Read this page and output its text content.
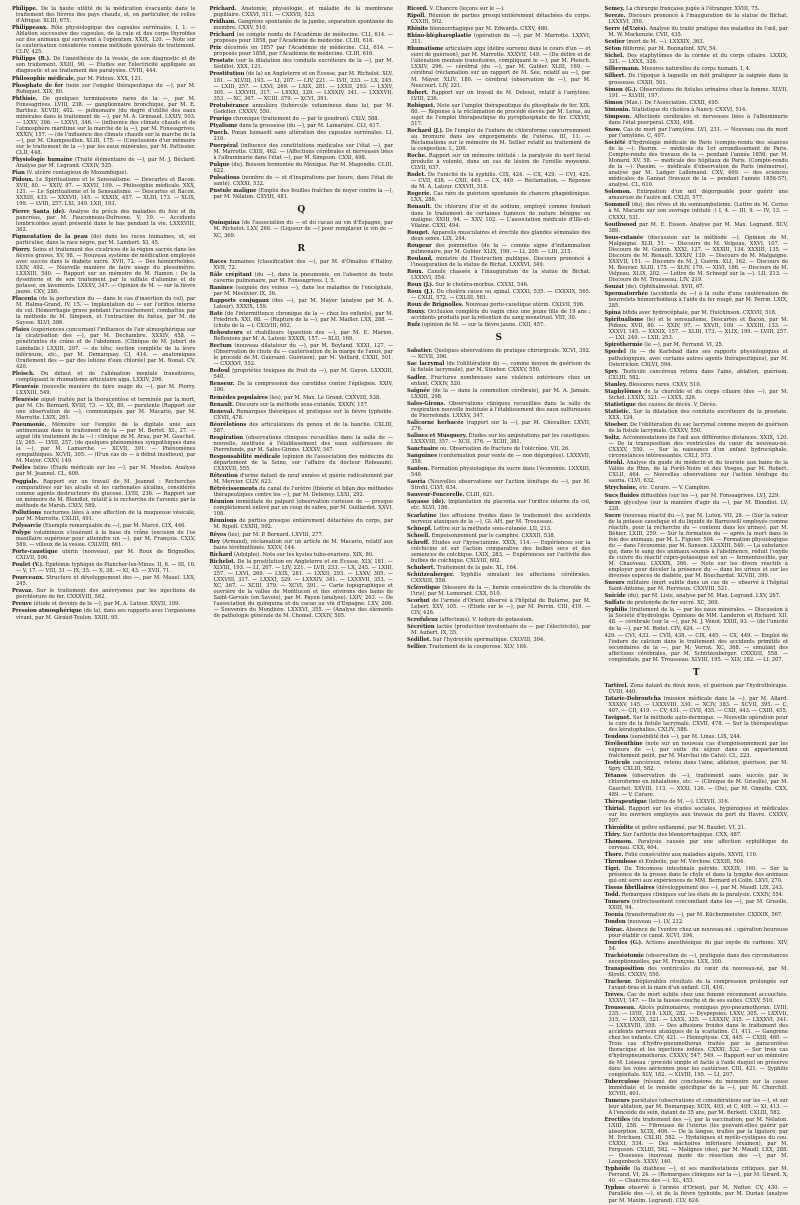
Philippe. De la haute utilité de la médication évacuante dans le traitement des fièvres des pays chauds, et, en particulier, de celles d'Afrique. XLIII, 675.

Philippeaux. Rôle physiologique des capsules surrénales. I, 1. — Ablation successive des capsules, de la rate et des corps thyroïdes sur des animaux qui survivent à l'opération. XXIX, 120. — Note sur la cautérisation considérée comme méthode générale de traitement. CLIV, 425.

Philipps (R.). De l'anesthésie de la vessie, de son diagnostic et de son traitement. XXIII, 90. — Études sur l'électricité appliquée au diagnostic et au traitement des paralysies. CVIII, 444.

Philosophie médicale, par M. Pidoux. XXX, 121.

Phosphate de fer (note sur l'emploi thérapeutique du —), par M. Robiquet. XIX, 80.

Phthisie. De quelques terminaisons rares de la —, par M. Fonssagrives. LVIII, 238. — ganglionnaire bronchique, par M. E. Barthez. XCVIII, 402. — pulmonaire (du degré d'utilité des eaux minérales dans le traitement de —), par M. A. Grimaud. LXXIV, 503. — LXXV, 306. — LXXVI, 346. — (influence des climats chauds et de l'atmosphère maritime sur la marche de la —), par M. Fonssagrives. XXXIV, 157. — (de l'influence des climats chauds sur la marche de la —), par M. Champouillon. XLIII, 175. — (Conclusions d'un mémoire sur le traitement de la —) par les eaux minérales, par M. Pattissier. CLII, 448.

Physiologie humaine (Traité élémentaire de —), par M. J. Béclard. Analyse par M. Legrand. CXXIV, 525.

Pian (V. ulcère contagieux de Mozambique).

Pidoux. Le Spiritualisme et le Sensualisme. — Descartes et Bacon. XVII, 80. — XXIV, 97. — XXVII, 109. — Philosophie médicale. XXX, 121. — Le Spiritualisme et le Sensualisme. — Descartes et Bacon. XXXIII, 433. — XXXVII, 145. — XXXIX, 457. — XLIII, 173. — XLIX, 199. — LVIII, 257. LXI, 349. LXII, 193.

Pierre Santa (de). Analyse du précis des maladies du foie et du pancréas, par M. Fauconneau-Dufresne. V, 19. — Accidents lombricoïdes ayant présenté dans le bas pendant la vie. LXXXVIII, 362.

Pigmentation de la peau (de) dans les races humaines, et, en particulier, dans la race nègre, par M. Lambert. XI, 45.

Piorry. Soins et traitement des cicatrices de la région sacrée dans les fièvres graves. XV, 98. — Nouveau système de médication employée avec succès dans le diabète sucré. XVII, 72. — Des hémorrhoïdes. LXIV, 492. — Nouvelle manière de faire usage du plessimètre. LXXXIII, 540. — Rapport sur un mémoire de M. Hamon : De la dysenterie et de son traitement par le sulfate d'alumine et de potasse, en lavements. LXXXV, 347. — Opinion de M. — sur la fièvre jaune. CXV, 288.

Placenta (de la perforation du — dans le cas d'insertion du col), par M. Halma-Grand. IV, 15. — Implantation du — sur l'orifice interne du col. Hémorrhagie grave pendant l'accouchement, combattue par la méthode de M. Simpson, et l'extraction du fœtus, par M. de Saysse. XLVI, 386.

Plaies (expériences concernant l'influence de l'air atmosphérique sur la cicatrisation des —), par M. Dechambre. XXXIV, 458. — pénétrantes du crâne et de l'abdomen. (Clinique de M. Jobert de Lamballe.) LXXIII, 297. — de tête; section complète de la lèvre inférieure, etc., par M. Demarquay. CI, 414. — anatomiques (traitement des — par des lotions d'eau chlorée) par M. Nonat. CV, 420.

Pleisch. Du défaut et de l'aliénation mentale transitoires, compliquant le rhumatisme articulaire aigu. LXXIV, 296.

Pleurésie (nouvelle manière de faire usage du —), par M. Piorry. LXXXIII, 549.

Pleurésie aiguë traitée par la thoracentèse et terminée par la mort, par M. Ch. Bernard. XVIII, 73. — XX, 80. — purulente (Rapport sur une observation de —), communiquée par M. Macario, par M. Marrotte. LXIX, 261.

Pneumonie. Mémoire sur l'emploi de la digitale unie aux antimoniaux dans le traitement de la — par M. Bertet. XL, 27. — aiguë (du traitement de la —) : clinique de M. Arau, par M. Gauchet. LV, 265. — LVIII, 257. (de quelques phénomènes sympathiques dans la —), par M. Lamarche. — XCVII, 391. — Phénomènes sympathiques. XCVII, 305. — (D'un cas de — à début insidieux), par M. Mayer. CXXV, 149.

Poêles fatins (Étude médicale sur les —), par M. Mesdon. Analyse par M. Jeannel. CL, 609.

Poggiale. Rapport sur un travail de M. Jeannel : Recherches comparatives sur les alcalis et les carbonates alcalins, considérés comme agents destructeurs du glucose. LVIII, 236. — Rapport sur un mémoire de M. Blondlot, relatif à la recherche de l'arsenic par la méthode de Marsh. CXLV, 589.

Pollutions nocturnes liées à une affection de la muqueuse vésicale, par M. Marrotte. CXLIII, 491.

Polysarcie (Exemple remarquable de —), par M. Marcé. CIX, 446.

Polype volumineux s'insérant à la base du crâne (excision de l'os maxillaire supérieur pour atteindre un —), par M. François. CXLV, 589. — villeux de la vessie. CXLVIII, 661.

Porte-caustique utérin (nouveau), par M. Roux de Brignolles. CXLVII, 596.

Poulet (V.). Épidémie typhique de Plancher-les-Mines. II, 6. — III, 10. — V, 17. — VIII, 31 — IX, 35. — X, 38. — XI, 43. — XVII, 71.

Pourceaux. Structure et développement des —, par M. Mauel. LXX, 245.

Pravaz. Sur le traitement des anévrysmes par les injections de perchlorure de fer. CXXXVIII, 562.

Preuve (étude et devoirs de la —), par M. A. Latour. XXVII, 109.

Pression atmosphérique (de la), dans ses rapports avec l'organisme vivant, par M. Giraud-Teulon. XXIII, 95.

Prichard. Anatomie, physiologie, et maladie de la membrane pupillaire. CXXVI, 511. — CXXVII, 523.

Pridham. Gangrène spontanée de la jambe, séparation spontanée du membre. CXXV, 510.

Prichard (se compte rendu de l'Académie de médecine. CLI, 614. — proposes pour 1858, par l'Académie de médecine. CLIII, 616.

Prix décernés en 1857 par l'Académie de médecine. CLI, 614. — proposés pour 1858, par l'Académie de médecine. CLIII, 616.

Prostate (sur la dilatation des conduits excréteurs de la —), par M. Sédillot. XXX, 121.

Prostitution (de la) en Angleterre et en Écosse, par M. Richelot. XLV, 181. — XLVIII, 193. — LI, 207. — LIV, 221. — LVII, 233. — LX, 245. — LXIII, 257. — LXVI, 269. — LXIX, 281. — LXXII, 293. — LXXV, 305. — LXXVIII, 317. — LXXXI, 329. — LXXXIV, 341. — LXXXVII, 353. — XC, 367. — XCIII, 379. — XCVI, 391.

Protubérance annulaire (tubercule volumineux dans la), par M. Godelier. CXXXV, 550.

Prurigo chronique (traitement du — par le goudron). CXLV, 588.

Ptyalisme dans la grossesse (du —), par M. Lamarière. CLI, 617.

Puech. Pœan Isonaedt sans altération des capsules surrénales. LI, 210.

Puerpéral (influence des constitutions médicales sur l'état —), par M. Marrotte. CXIII, 462. — (Affections cérébrales et nerveuses liées à l'albuminurie dans l'état —), par M. Simpson. CXXI, 498.

Pulque (du). Boisson fermentée du Mexique. Par M. Magendie. CLIII, 622.

Pulsations (nombre de — et d'inspirations par heure, dans l'état de santé). CXXXI, 532.

Pustule maligne (Emploi des feuilles fraîches de noyer contre la —), par M. Nélaton. CXVIII, 481.

Q

Quinquina (de l'association du — et du cacao au vin d'Espagne, par M. Richelot. LXV, 266. — (Liqueur de —) pour remplacer le vin de — XC, 369.

R

Races humaines (classification des —), par M. d'Omalius d'Halloy. XVII, 72.

Râle crépitant (du —), dans la pneumonie, en l'absence de toute caverne pulmonaire, par M. Fonssagrives. I, 5.

Ranines (saignée des veines —), dans les maladies de l'encéphale, par M. Meslivier. IX, 36.

Rapports conjugaux (des —), par M. Mayer (analyse par M. A. Latour). XXXIX, 159.

Rate (de l'intermittence chronique de la — chez les enfants), par M. Friedrich. XXI, 88. — (Rupture de la —), par M. Mailler. LXX, 288. — (chute de la —). CXLVIII, 602.

Rebouteurs et rhabilleurs (question des —), par M. E. Marion. Réflexions par M. A. Latour. XXXIX, 157. — XLII, 169.

Rectum (nouveau dilatateur du —), par M. Boyland. XXXI, 127. — (Observation de chute du — cautérisation de la marge de l'anus, par le procédé de M. Guersant. Guérison), par M. Veillard. CXXII, 501. — CXXXVI, 552.

Redoul (propriétés toxiques de fruit du —), par M. Guyon. LXXXIII, 540.

Renseur. De la compression des carotides contre l'épilepsie. XXIV, 100.

Remèdes populaires (les), par M. Max. Le Grand. CXXVIII, 538.

Renault. Discours sur la méthode sous-cutanée. XXXIV, 157.

Reneval. Remarques théoriques et pratiques sur la fièvre typhoïde. CXVII, 478.

Réorélotions des articulations du genou et de la hanche. CXLIII, 587.

Respiration (observations cliniques recueillies dans la salle de — nouvelle, instituée à l'établissement des eaux sulfureuses de Pierrefonds, par M. Sales-Girons. LXXXV, 347.

Responsabilité médicale (opinion de l'association des médecins du département de la Seine, sur l'affaire du docteur Roboaum). CXXXVII, 555.

Rétention d'urine datant de neuf années et guérie radicalement par M. Mercier. CLIV, 623.

Rétrécissements du canal de l'urètre (théorie et bilan des méthodes thérapeutiques contre les —), par M. Debeney. LXXI, 292.

Réunion immédiate du palpant (observation curieuse de — presque complètement enlevé par un coup de sabre, par M. Guillardot. XXVI, 108.

Réunions de parties presque entièrement détachées du corps, par M. Ripoll. CXXIII, 502.

Rêves (les), par M. P. Bernard. LXVIII, 277.

Rey (Armand), réclamation sur un article de M. Macario, relatif aux bains térébinthinés. XXXV, 144.

Richard (Adolphe). Note sur les kystes tubo-ovariens. XIX, 80.

Richelot. De la prostitution en Angleterre et en Écosse. XLV, 181. — XLVIII, 193. — LI, 207. — LIV, 221. — LVII, 233. — LX, 245. — LXIII, 257. — LXVI, 269. — LXIX, 281. — LXXII, 293. — LXXV, 305. — LXXVIII, 317. — LXXXI, 329. — LXXXIV, 341. — LXXXVII, 353. — XC, 367. — XCIII, 379. — XCVI, 391. — Carte topographique et ouvrière de la vallée de Montlucon et des environs des bains de Saint-Gervais (en Savoie), par M. Payen (analyse). LXIV, 263. — De l'association du quinquina et du cacao au vin d'Espagne. LXV, 266. — Souvenirs du Mondiore. LXXXVI, 355. — (Analyse des éléments de pathologie générale de M. Chomel. CXXIV, 505.

Ricord. V. Chancre (leçons sur le —).

Ripoll. Réunion de parties presqu'entièrement détachées du corps. CXXIII, 502.

Rhinite blennorrhagique par M. Edwards. CXXV, 480.

Rhino-blépharoplastie (opération de —), par M. Marrotte. LXXVI, 311.

Rhumatisme articulaire aigu (délire survenu dans le cours d'un — et suivi de guérison), par M. Marrotte. XXXVII, 149. — (Du délire et de l'aliénation mentale transitoires, compliquant le —), par M. Pleisch. LXXIV, 296. — cérébral (du —), par M. Gubler. XLIII, 169. — cérébral (réclamation sur un rapport de M. Sée, relatif au —), par M. Mayer. XLIV, 180. — cérébral (observation de —), par M. Neucourt. LIV, 221.

Robert. Rapport sur un travail de M. Debout, relatif à l'amylène. LVIII, 236.

Robiquet. Note sur l'emploi thérapeutique du phosphate de fer. XIX, 80. — Réponse à la réclamation de procédé élevée par M. Leras, au sujet de l'emploi thérapeutique du pyrophosphate de fer. CXXVII, 517.

Rochard (J.). De l'emploi de l'iodure de chloroforme concurremment au bromure dans les engorgements de l'utérus. III, 11. — Réclamations sur le mémoire de M. Sellier relatif au traitement de la congestion. L, 206.

Roche. Rapport sur un mémoire intitulé : la paralysie du nerf facial produite à volonté, dans un cas de lésion de l'oreille moyenne. CLVII, 637.

Rodet. De l'unicité de la syphilis. CIX, 424. — CX, 429. — CVI, 425. — CVII, 438. — CXII, 449. — CX, 449. — Réclamation. — Réponse de M. A. Latour. CXXVII, 518.

Rogerie. Cas rare de guérison spontanée de chancre phagédénique. LXX, 286.

Ronault. Du chlorure d'or et de sodium, employé comme fondant dans le traitement de certaines tumeurs de nature bénigne ou maligne. XXIII, 94. — XXV, 102. — L'association médicale d'Ille-et-Vilaine. CXXI, 494.

Rouget. Appareils musculaires et érectile des glandes séminales des deux sexes. LIX, 244.

Rougeur des pommettes (de la — comme signe d'inflammation pulmonaire, par M. Gubler. XLIX, 199. — LI, 209. — LIII, 215.

Rouland, ministre de l'Instruction publique. Discours prononcé à l'inauguration de la statue de Bichat. LXXXVI, 349.

Roux. Canule chassée à l'inauguration de la statue de Bichat. LXXXVI, 354.

Roux (J.). Sur le choléra-morbus. CXXXI, 546.

Roux (J.). Du choléra cause ou spinal. CXXXI, 535. — CXXXIX, 565. — CXLII, 572. — CXLIII, 581.

Roux de Brignolles. Nouveau porte-caustique utérin. CXLVII, 596.

Rouxy. Occlusion complète du vagin chez une jeune fille de 19 ans ; accidents produits par la rétention du sang menstruel. VIII, 30.

Rufz (opinion de M. — sur la fièvre jaune. CXII, 457.

S

Sabatier. Quelques observations de pratique chirurgicale. XCVI, 392. — XCVII, 396.

Sac lacrymal (de l'oblitération du —, comme moyen de guérison de la fistule lacrymale), par M. Stoeber. CXXXV, 550.

Sadler. Fractures nombreuses sans violence extérieure chez un enfant. CXXIV, 520.

Saignée (de la — dans la commotion cérébrale), par M. A. Jamain. LXXIII, 298.

Sales-Girons. Observations cliniques recueillies dans la salle de respiration nouvelle instituée à l'établissement des eaux sulfureuses de Pierrefonds. LXXXV, 347.

Salicorne herbacée (rapport sur la —), par M. Chevallier. LXVII, 276.

Salines et Musquery. Études sur les amputations par les caustiques. LXXXVIII, 357. — XCII, 376. — XCIII, 381.

Sanctuaire ou. Observation de fracture de l'olécrâne. VII, 26.

Sanguines (conformation pour vente de — non dégorgées). LXXXVII, 358.

Santon. Formation physiologique du sucre dans l'économie. LXXXIII, 540.

Saoria (Nouvelles observations sur l'action ténifuge du —), par M. Strohl. CLVI, 634.

Sauveur-Foncerelle. CLIII, 621.

Sayasse (de). Implantation du placenta sur l'orifice interne du col, etc. XLVI, 186.

Scarlatine (les affusions froides dans le traitement des accidents nerveux ataxiques de la —), Gl. AH, par M. Trousseau.

Schnepf. Lettre sur la méthode sous-cutanée. LII, 213.

Schoell. Empoisonnement par le camphre. CXXXII, 538.

Schroff. Études sur l'hyoscianime. XXIX, 114. — Expériences sur la colchicine et sur l'action comparative des bulbes secs et des semences de colchique. LXIX, 283. — Expériences sur l'activité des bulbes de colchique. CXLVIII, 602.

Schubert. Traitement de la gale. XL, 164.

Schützenberger. Syphilis simulant les affections cérébrales. CXXXIII, 558.

Sclérotique (blessure de la —, hernie consécutive de la choroïde de l'iris), par M. Lemorant. CXX, 510.

Scorbut de l'armée d'Orient observé à l'hôpital de Bularne, par M. Lebert. XXV, 105. — (Étude sur le —), par M. Perrin. CIII, 419. — CIV, 426.

Scrofuleux (affections). V. Iodure de potassium.

Sécrétion lactée (production involontaire de — par l'électricité), par M. Aubert. IX, 35.

Sédillot. Sur l'hydrocèle spermatique. CXLVIII, 394.

Sellier. Traitement de la couperose. XLV, 184.

Semey. La chirurgie française jugée à l'étranger. XVIII, 75.

Sereze. Discours prononcé à l'inauguration de la statue de Bichat. LXXXVI, 350.

Serre (d'Uzès). Analyse du traité pratique des maladies de l'œil, par M. W. Mackenzie. CVII, 435.

Sestier (mort de M. —). LXXXIX, 363.

Séton filiforme, par M. Bonnafont. XIV, 54.

Sichel. Des staphylômes de la cornée et du corps ciliaire. LXXIX, 321. — LXXX, 326.

Silbermann. Mesures naturelles du corps humain. I, 4.

Silbert. De l'époque à laquelle on doit pratiquer la saignée dans la grossesse. CXXII, 501.

Simon (G.). Observations de fistules urinaires chez la femme. XLVII, 191. — XLVIII, 197.

Simon (Max.). De l'Association. CXXII, 495.

Simonin. Statistique du choléra à Nancy. CXXVI, 514.

Simpson. Affections cérébrales et nerveuses liées à l'albuminurie dans l'état puerpéral. CXXI, 498.

Snow. Cas de mort par l'amylène. LVI, 231. — Nouveau cas de mort par l'amylène. C, 407.

Société d'hydrologie médicale de Paris (compte-rendu des séances de la —). Pasrim. — médicale du 1er arrondissement de Paris. Compte-rendu des travaux de la — pendant l'année 1856, par M. Monard. XV, 58. — médicale des hôpitaux de Paris. (Compte-rendu de la —). Passim. — médicale d'observation de Paris (mémoires), analysé par M. Ladger Lallemand. CXV, 469. — des sciences médicales de Gannat (travaux de la — pendant l'année 1856-57), analysé. CL, 610.

Solomon. Extirpation d'un œil dégorgeable pour guérir une amaurose de l'autre œil. CXLII, 577.

Sommeil (du), des rêves et du somnambulisme. (Lettre de M. Cerise à M. Macario sur son ouvrage intitulé :) I, 4. — III, 9. — IV, 13. — CXXXI, 531.

Southwood par M. E. Eisson. Analyse par M. Max. Legrand. XCV, 389.

Sous-cutanée (discussion sur la méthode —). Opinion de M. Malgaigne. XLII, 51. — Discours de M. Velpeau. XXVI, 107. — Discours de M. Guérin. XXXI, 127. — XXXIII, 134. XXXIII, 135. — Discours de M. Renault. XXXIV, 139. — Discours de M. Malgaigne. XXXVII, 151. — Discours de M. J. Guérin. XLI, 162. — Discours de M. Bouvier. XLIII, 175. — XLIV, 179. — XLVI, 186. — Discours de M. Velpeau. XLIX, 202. — Lettre de M. Schnepf sur la —). LII, 213. — Discours de M. Trousseau. LIV, 219.

Souzat (de). Ophthalmostat. XVII, 67.

Spermatorrhée (accidents de —) à la suite d'une cautérisation de bourrelets hémorrhoïdaux à l'aide du fer rougé, par M. Perrin. LXIX, 285.

Spina bifida avec hydrocéphale, par M. Huichinson. CXXVII, 518.

Spiritualisme (le) et le sensualisme. Descartes et Bacon, par M. Pidoux. XVII, 80. — XXIV, 97. — XXVII, 109. — XXXIII, 133. — XXXVI, 145. — XXXIX, 157. — XLIII, 173. — XLIX, 199. — LVIII, 257. — LXI, 249. — LXII, 253.

Spirothermie (le —), par M. Ferrand. VI, 25.

Spœdel (le — de Karlsbad dans ses rapports physiologiques et pathologiques, avec certains autres agents thérapeutiques), par M. Osterricker. CXLVI, 594.

Spry. Testicule cancéreux retenu dans l'aine, ablation, guérison. CXLIII, 582.

Stanley. Blessures rares. CXXV, 510.

Staphylômes de la choroïde et du corps ciliaire (des —), par M. Sichel. LXXIX, 321. — LXXX, 326.

Statistique des causes de décès. V, Décès.

Statistic. Sur la dilatation des conduits excréteurs de la prostate. XXX, 124.

Stoeber. De l'oblitération du sac lacrymal comme moyen de guérison de la fistule lacrymale. CXXXV, 550.

Soltz. Accommodations de l'œil aux différentes distances. XXIX, 120. — De la transposition des ventricules du cœur du nouveau-né. CXXXV, 550. — Sur la naissance d'un enfant hydrocéphale, circonstances intéressantes. CXLI, 573.

Strohl. Analyse du guide du médecin et du touriste aux bains de la Vallée du Rhin, de la Forêt-Noire et des Vosges, par M. Robert. CXLII, 464. — Nouvelles observations sur l'action ténifuge du saoria. CLVI, 632.

Strychnine, etc. Curare. — V. Camphre.

Sucs fluides diffusibles (sur les —), par M. Fonssagrives. LVI, 229.

Sucre glycolyse (sur la manière d'agir du —), par M. Blondlot. LV, 228.

Sucre (nouveau réactif du —), par M. Luton. VII, 28. — (Sur la valeur de la potasse caustique et du liquide de Barreswill employés comme réactifs, pour la recherche du — contenu dans les urines), par M. Béhier. LXIII, 259. — Sur la formation du — après la mort dans le foie des animaux, par M. L. Figuier. 504. — Formation physiologique du — dans l'économie, par M. Sanson. LXXXIII, 540. — La substance qui, dans le sang des animaux soumis à l'abstinence, réduit l'oxyde de cuivre du réactif cupro-potassique est un — fermentescible, par M. Chauveau. LXXXIX, 366. — Note sur les divers réactifs à employer pour déceler la présence du — dans les urines et sur les diverses espèces de diabète, par M. Bouchardat. XCVIII, 399.

Sueurs militaire (mort subite dans un cas de — observé à l'hôpital Saint-Antoine, par M. Hervieux. CXXVIII, 521.

Suicide (du), par M. Lisle, analyse par M. Max. Legrand. LXV, 267.

Sulfate de protoxyde de fer sucré. XC, 369.

Syphilis (traitement de la — par les eaux minérales. — Discussion à la Société d'hydrologie. Opinions de MM. Landeron et Richard. XII, 48. — cérébrale (sur la —), par M. J. Vénot. XXIII, 93. — (de l'unicité de la —), par M. Rodet. CIV, 424. — CV,

429. — CVI, 433. — CVII, 438. — CIX, 445. — CX, 449. — Emploi de l'iodure de calcium dans le traitement des accidents primitifs et secondaires de la —, par M. Verrat. XC, 368. — simulant des affections cérébrales, par M. Schützenberger. CXXXIII, 558. — congénitale, par M. Trousseau. XLVIII, 195. — XLV, 182. — LI, 207.

T

Tartivel. Zona datant de deux mois, et guérison par l'hydrothérapie. CVIII, 440.

Tatarie-Dobroutcha (mission médicale dans la —), par M. Allard. XXXXV, 145. — LXXXVIII, 330. — XCIV, 383. — XCVII, 395. — C, 407. — CII, 419. — CV, 431. — CVII, 435. — CXII, 443. — CXIII, 455.

Tavignot. Sur la méthode auto-dermique. — Nouvelle opération pour la cure de la fistule lacrymale. CXVII, 478. — Sur la thérapeutique des kératophalies. CXLIV, 586.

Tendons (sensibilité des —), par M. Linas. LIX, 244.

Térébenthine (note sur un nouveau cas d'empoisonnement par les vapeurs de —), par suite du séjour dans un appartement fraîchement peint, par M. Marchal (de Calvi). CL, 223.

Testicule cancéreux, retenu dans l'aine, ablation, guérison, par M. Spry. CXLIII, 582.

Tétanos (observation de —), traitement sans succès par le chloroforme en inhalations, etc. — (Clinique de M. Grisolle), par M. Gauchet. XXVIII, 113. — XXXI, 126. — (Du), par M. Gimelle. CXX, 489. — V. Curare.

Thérapeutique (lettres de M. —). LXXVII, 316.

Thirial. Rapport sur les études sociales, hygiéniques et médicales sur les ouvriers employés aux travaux du port du Havre. CXXXV, 597.

Thiroïdite et goître enflammé, par M. Baudet. VI, 21.

Thiry. Sur l'arthrite des blennorrhagique. CXX, 487.

Thomson. Paralysie causée par une affection syphilitique du cerveau. CXX, 404.

Thore. Folie consécutive aux maladies aiguës. XXVII, 110.

Thrombose et Embolie, par M. Virchow. CXXIII, 504.

Tigri. Du Tricomose intestinale putride. XXXIX, 160. — Sur la présence de la grosse dans le chyle et dans la lymphe des animaux qui ont servi aux expériences de MM. Bernard et Colin. LXVI, 270.

Tissus fibrillaires (développement des —), par M. Maudl. LIX, 243.

Todd. Remarques cliniques sur les états de la paralysie. CXXIV, 554.

Tumeurs (rétrécissement concomitant dans les —), par M. Grisolle. XXIII, 94.

Toenia (transformation du —), par M. Küchenmeister. CXXXIX, 567.

Tondon (nouveau —). LV, 212.

Toirac. Absence de l'ventre chez un nouveau-né ; opération heureuse pour établir ce canal. XCVI, 394.

Tourdes (G.). Actions anesthésique du gaz oxyde de carbone. XIV, 54.

Trachéotomie (observation de —), pratiquée dans des circonstances exceptionnelles, par M. François. LXX, 300.

Transposition des ventricules du cœur du nouveau-né, par M. Strohl. CXXXV, 550.

Tracheur. Déplorables résultats de la compression prolongée sur l'avant-bras et la main d'un enfant. CII, 410.

Trèves. Cas de mort subite chez une femme récemment accouchée. XXXVI, 147. — De la fausse-couche et de ses suites. CXXV, 510.

Trousseau. Abcès pulmonaires, vomiques pyo-pneumothorax. LVIII, 235. — LVIII, 218. LXIX, 282. — Dyspepsies. LXXV, 305. — LXXVII, 315. — LXXIX, 321. — LXXX, 325. — LXXXIV, 335. — LXXXVI, 341. — LXXXVIII, 359. — Des affusions froides dans le traitement des accidents nerveux ataxiques de la scarlatine. CI, 411. — Gangrène chez les enfants. CIV, 421. — Hémoptysie. CX, 445. — CXIII, 460. — Trois cas d'hydro-pneumothorax traités par la paracentèse thoracique et les injections iodées. CXXXI, 532. — Sur trois cas d'hydropneumothorax. CXXXV, 547, 549. — Rapport sur un mémoire de M. Loiseau : procédé simple et facile à l'aide duquel on préserve dans les voies aériennes pour les cautériser. CIII, 421. — Syphilis congénitale. XLV, 182. — XLVIII, 195. — LI, 207.

Tuberculose (résumé des conclusions du mémoire sur la cause immédiate et le remède spécifique de la —), par M. Churchill. XCVIII, 401.

Tumeurs pariétales (observations et considérations sur les —), et sur leur ablation, par M. Demarquay. XCIX, 403, et C, 409. — XI, 413. — À l'encéide du sein, datant de 35 ans, par M. Berkett. CXLIII, 582.

Erectiles (du traitement des —), par la vaccination, par M. Nélaton. LXIII, 258. — Fibreuses de l'utérus (les pouvant-elles guérir par absorption. XCIX, 406. — De la langue, traitée par la ligature, par M. Erichsen. CXLIII, 582. — Hydatiques et myélo-cystiques du cou. CXXXI, 534. — Des mâchoires inférieure (examen), par M. Ferguson. CXLIII, 582. — Malignes (des), par M. Maudl. LXX, 288. — Osseuses (nouveau mode de résection des —), par M. Langenbeck. XXXV, 140.

Typhoïde (la diathèse —), et ses manifestations critiques, par M. Ferrand. VI, 24. — (Remarques cliniques sur la —), par M. Girard. X, 40. — Chancres des —). XL, 453.

Typhus observé à l'armée d'Orient, par M. Netter. CV, 430. — Parallèle des —), et de la fièvre typhoïde, par M. Duriau (analyse par M. Maxim. Legrand). CLV, 624.
